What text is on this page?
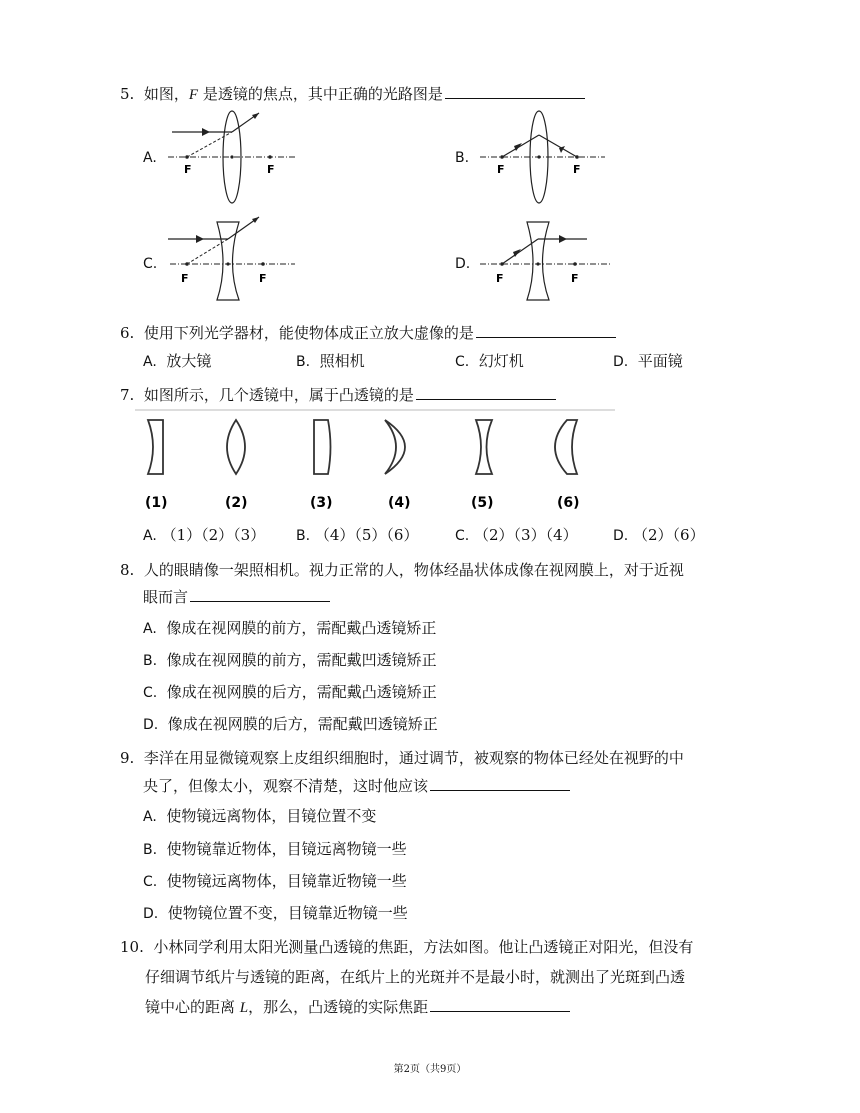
5. 如图，F 是透镜的焦点，其中正确的光路图是
A.
F	F
B.
F	F
C.
F	F
D.
F	F
6. 使用下列光学器材，能使物体成正立放大虚像的是
A. 放大镜	B. 照相机	C. 幻灯机	D. 平面镜
7. 如图所示，几个透镜中，属于凸透镜的是
(1)	(2)	(3)	(4)	(5)	(6)
A. （1）（2）（3） B. （4）（5）（6）	C. （2）（3）（4）	D. （2）（6）
8. 人的眼睛像一架照相机。视力正常的人，物体经晶状体成像在视网膜上，对于近视
眼而言
A. 像成在视网膜的前方，需配戴凸透镜矫正
B. 像成在视网膜的前方，需配戴凹透镜矫正
C. 像成在视网膜的后方，需配戴凸透镜矫正
D. 像成在视网膜的后方，需配戴凹透镜矫正
9. 李洋在用显微镜观察上皮组织细胞时，通过调节，被观察的物体已经处在视野的中
央了，但像太小，观察不清楚，这时他应该
A. 使物镜远离物体，目镜位置不变
B. 使物镜靠近物体，目镜远离物镜一些
C. 使物镜远离物体，目镜靠近物镜一些
D. 使物镜位置不变，目镜靠近物镜一些
10. 小林同学利用太阳光测量凸透镜的焦距，方法如图。他让凸透镜正对阳光，但没有
仔细调节纸片与透镜的距离，在纸片上的光斑并不是最小时，就测出了光斑到凸透
镜中心的距离 L，那么，凸透镜的实际焦距
第2页（共9页）
